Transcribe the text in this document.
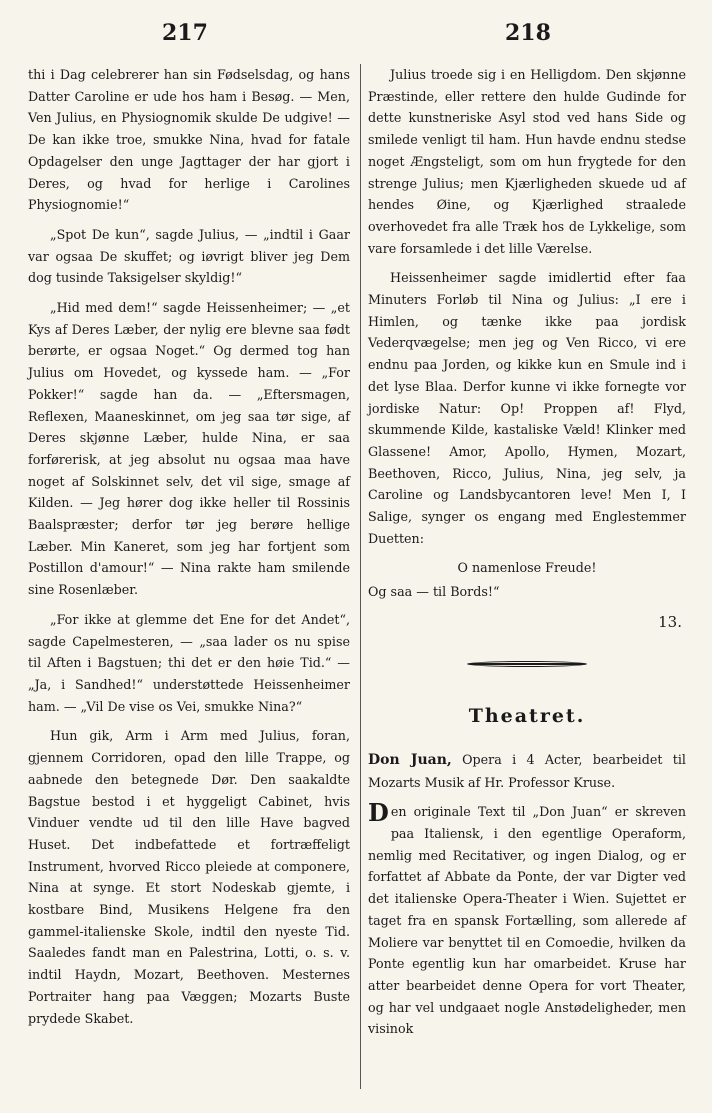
217	218

thi i Dag celebrerer han sin Fødselsdag, og hans Datter Caroline er ude hos ham i Besøg. — Men, Ven Julius, en Physiognomik skulde De udgive! — De kan ikke troe, smukke Nina, hvad for fatale Opdagelser den unge Jagttager der har gjort i Deres, og hvad for herlige i Carolines Physiognomie!“

„Spot De kun“, sagde Julius, — „indtil i Gaar var ogsaa De skuffet; og iøvrigt bliver jeg Dem dog tusinde Taksigelser skyldig!“

„Hid med dem!“ sagde Heissenheimer; — „et Kys af Deres Læber, der nylig ere blevne saa født berørte, er ogsaa Noget.“ Og dermed tog han Julius om Hovedet, og kyssede ham. — „For Pokker!“ sagde han da. — „Eftersmagen, Reflexen, Maaneskinnet, om jeg saa tør sige, af Deres skjønne Læber, hulde Nina, er saa forførerisk, at jeg absolut nu ogsaa maa have noget af Solskinnet selv, det vil sige, smage af Kilden. — Jeg hører dog ikke heller til Rossinis Baalspræster; derfor tør jeg berøre hellige Læber. Min Kaneret, som jeg har fortjent som Postillon d'amour!“ — Nina rakte ham smilende sine Rosenlæber.

„For ikke at glemme det Ene for det Andet“, sagde Capelmesteren, — „saa lader os nu spise til Aften i Bagstuen; thi det er den høie Tid.“ — „Ja, i Sandhed!“ understøttede Heissenheimer ham. — „Vil De vise os Vei, smukke Nina?“

Hun gik, Arm i Arm med Julius, foran, gjennem Corridoren, opad den lille Trappe, og aabnede den betegnede Dør. Den saakaldte Bagstue bestod i et hyggeligt Cabinet, hvis Vinduer vendte ud til den lille Have bagved Huset. Det indbefattede et fortræffeligt Instrument, hvorved Ricco pleiede at componere, Nina at synge. Et stort Nodeskab gjemte, i kostbare Bind, Musikens Helgene fra den gammel-italienske Skole, indtil den nyeste Tid. Saaledes fandt man en Palestrina, Lotti, o. s. v. indtil Haydn, Mozart, Beethoven. Mesternes Portraiter hang paa Væggen; Mozarts Buste prydede Skabet.

Julius troede sig i en Helligdom. Den skjønne Præstinde, eller rettere den hulde Gudinde for dette kunstneriske Asyl stod ved hans Side og smilede venligt til ham. Hun havde endnu stedse noget Ængsteligt, som om hun frygtede for den strenge Julius; men Kjærligheden skuede ud af hendes Øine, og Kjærlighed straalede overhovedet fra alle Træk hos de Lykkelige, som vare forsamlede i det lille Værelse.

Heissenheimer sagde imidlertid efter faa Minuters Forløb til Nina og Julius: „I ere i Himlen, og tænke ikke paa jordisk Vederqvægelse; men jeg og Ven Ricco, vi ere endnu paa Jorden, og kikke kun en Smule ind i det lyse Blaa. Derfor kunne vi ikke fornegte vor jordiske Natur: Op! Proppen af! Flyd, skummende Kilde, kastaliske Væld! Klinker med Glassene! Amor, Apollo, Hymen, Mozart, Beethoven, Ricco, Julius, Nina, jeg selv, ja Caroline og Landsbycantoren leve! Men I, I Salige, synger os engang med Englestemmer Duetten:

O namenlose Freude!

Og saa — til Bords!“

13.
Theatret.

Don Juan, Opera i 4 Acter, bearbeidet til Mozarts Musik af Hr. Professor Kruse.

Den originale Text til „Don Juan“ er skreven paa Italiensk, i den egentlige Operaform, nemlig med Recitativer, og ingen Dialog, og er forfattet af Abbate da Ponte, der var Digter ved det italienske Opera-Theater i Wien. Sujettet er taget fra en spansk Fortælling, som allerede af Moliere var benyttet til en Comoedie, hvilken da Ponte egentlig kun har omarbeidet. Kruse har atter bearbeidet denne Opera for vort Theater, og har vel undgaaet nogle Anstødeligheder, men visinok
